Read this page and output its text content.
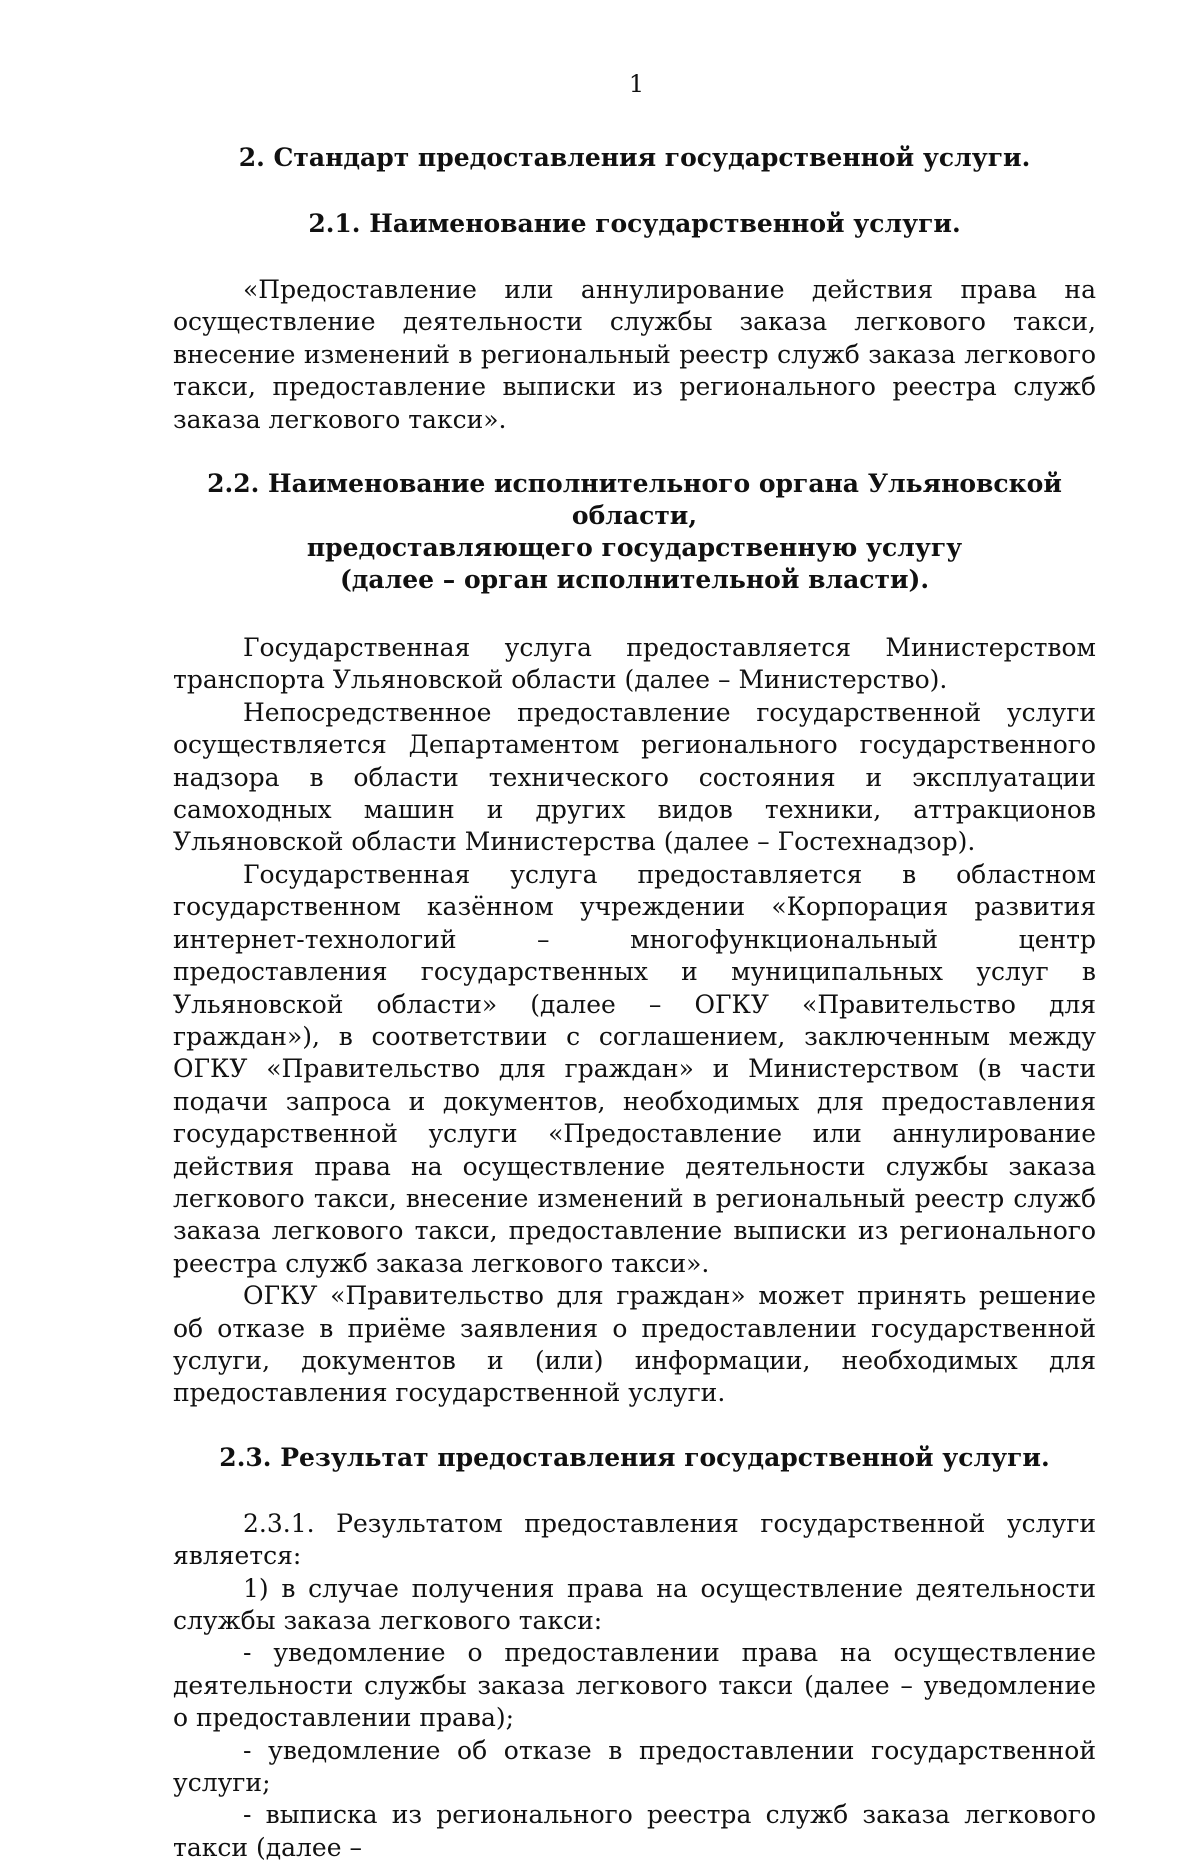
1
2. Стандарт предоставления государственной услуги.
2.1. Наименование государственной услуги.

«Предоставление или аннулирование действия права на осуществление деятельности службы заказа легкового такси, внесение изменений в региональный реестр служб заказа легкового такси, предоставление выписки из регионального реестра служб заказа легкового такси».

2.2. Наименование исполнительного органа Ульяновской области,
предоставляющего государственную услугу
(далее – орган исполнительной власти).

Государственная услуга предоставляется Министерством транспорта Ульяновской области (далее – Министерство).

Непосредственное предоставление государственной услуги осуществляется Департаментом регионального государственного надзора в области технического состояния и эксплуатации самоходных машин и других видов техники, аттракционов Ульяновской области Министерства (далее – Гостехнадзор).

Государственная услуга предоставляется в областном государственном казённом учреждении «Корпорация развития интернет-технологий – многофункциональный центр предоставления государственных и муниципальных услуг в Ульяновской области» (далее – ОГКУ «Правительство для граждан»), в соответствии с соглашением, заключенным между ОГКУ «Правительство для граждан» и Министерством (в части подачи запроса и документов, необходимых для предоставления государственной услуги «Предоставление или аннулирование действия права на осуществление деятельности службы заказа легкового такси, внесение изменений в региональный реестр служб заказа легкового такси, предоставление выписки из регионального реестра служб заказа легкового такси».

ОГКУ «Правительство для граждан» может принять решение об отказе в приёме заявления о предоставлении государственной услуги, документов и (или) информации, необходимых для предоставления государственной услуги.

2.3. Результат предоставления государственной услуги.

2.3.1. Результатом предоставления государственной услуги является:

1) в случае получения права на осуществление деятельности службы заказа легкового такси:

- уведомление о предоставлении права на осуществление деятельности службы заказа легкового такси (далее – уведомление о предоставлении права);

- уведомление об отказе в предоставлении государственной услуги;

- выписка из регионального реестра служб заказа легкового такси (далее –
